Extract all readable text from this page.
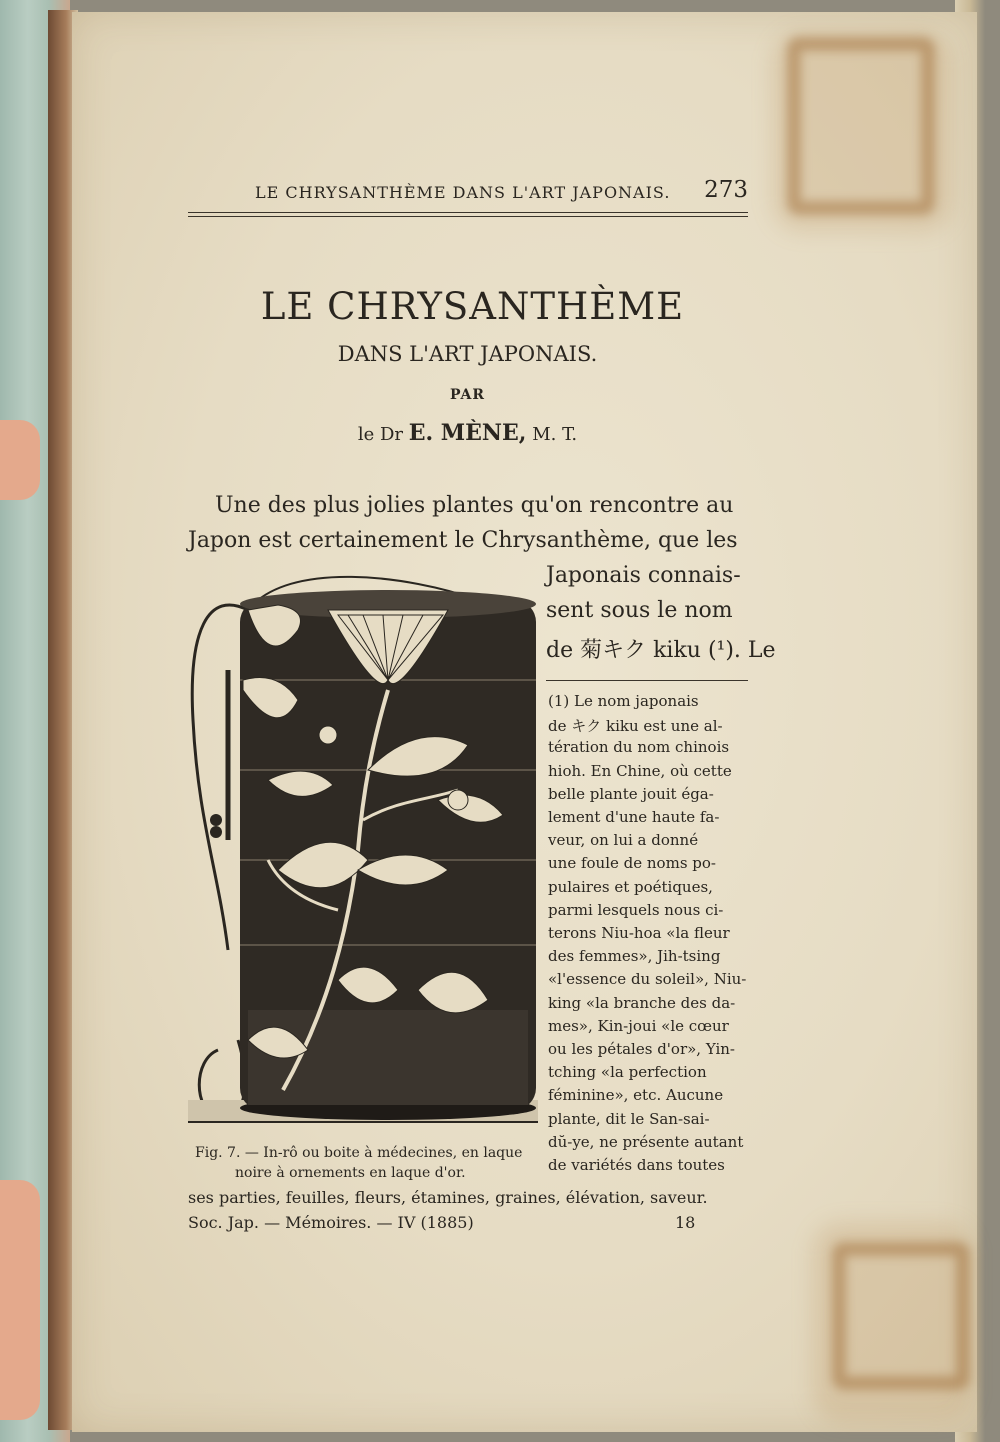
LE CHRYSANTHÈME DANS L'ART JAPONAIS. 273
LE CHRYSANTHÈME
DANS L'ART JAPONAIS.
PAR
le Dr E. MÈNE, M. T.
Une des plus jolies plantes qu'on rencontre au
Japon est certainement le Chrysanthème, que les
Japonais connais-
sent sous le nom
de 菊キク kiku (¹). Le
(1) Le nom japonais
de キク kiku est une al-
tération du nom chinois
hioh. En Chine, où cette
belle plante jouit éga-
lement d'une haute fa-
veur, on lui a donné
une foule de noms po-
pulaires et poétiques,
parmi lesquels nous ci-
terons Niu-hoa «la fleur
des femmes», Jih-tsing
«l'essence du soleil», Niu-
king «la branche des da-
mes», Kin-joui «le cœur
ou les pétales d'or», Yin-
tching «la perfection
féminine», etc. Aucune
plante, dit le San-sai-
dŭ-ye, ne présente autant
de variétés dans toutes
Fig. 7. — In-rô ou boite à médecines, en laque
noire à ornements en laque d'or.
ses parties, feuilles, fleurs, étamines, graines, élévation, saveur.
Soc. Jap. — Mémoires. — IV (1885)	18
